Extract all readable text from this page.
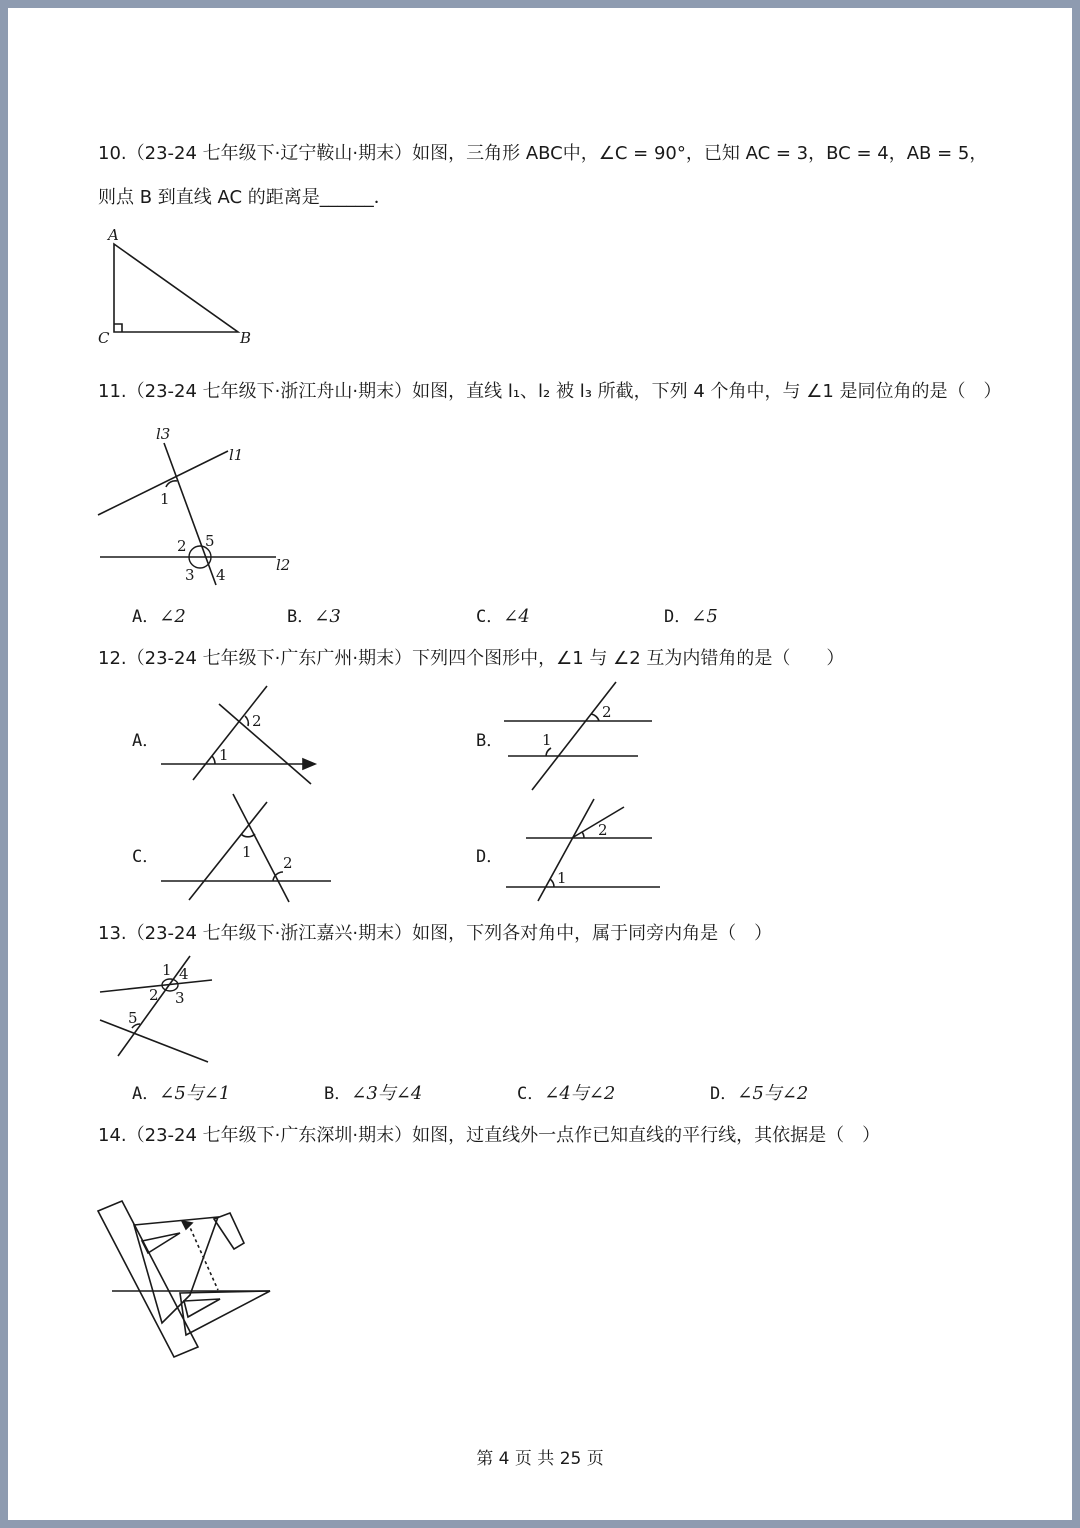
10.（23-24 七年级下·辽宁鞍山·期末）如图，三角形 ABC中，∠C = 90°，已知 AC = 3，BC = 4，AB = 5，
则点 B 到直线 AC 的距离是______．
A
C	B
11.（23-24 七年级下·浙江舟山·期末）如图，直线 l₁、l₂ 被 l₃ 所截，下列 4 个角中，与 ∠1 是同位角的是（　）
l3
l1
l2
1
2 5
3 4
A．∠2	B．∠3	C．∠4	D．∠5
12.（23-24 七年级下·广东广州·期末）下列四个图形中，∠1 与 ∠2 互为内错角的是（　　）
A．
1
2
B．	1
2
C．	1
2	D．
2
1
13.（23-24 七年级下·浙江嘉兴·期末）如图，下列各对角中，属于同旁内角是（　）
1 4
2 3
5
A．∠5与∠1	B．∠3与∠4	C．∠4与∠2	D．∠5与∠2
14.（23-24 七年级下·广东深圳·期末）如图，过直线外一点作已知直线的平行线，其依据是（　）
第 4 页 共 25 页
